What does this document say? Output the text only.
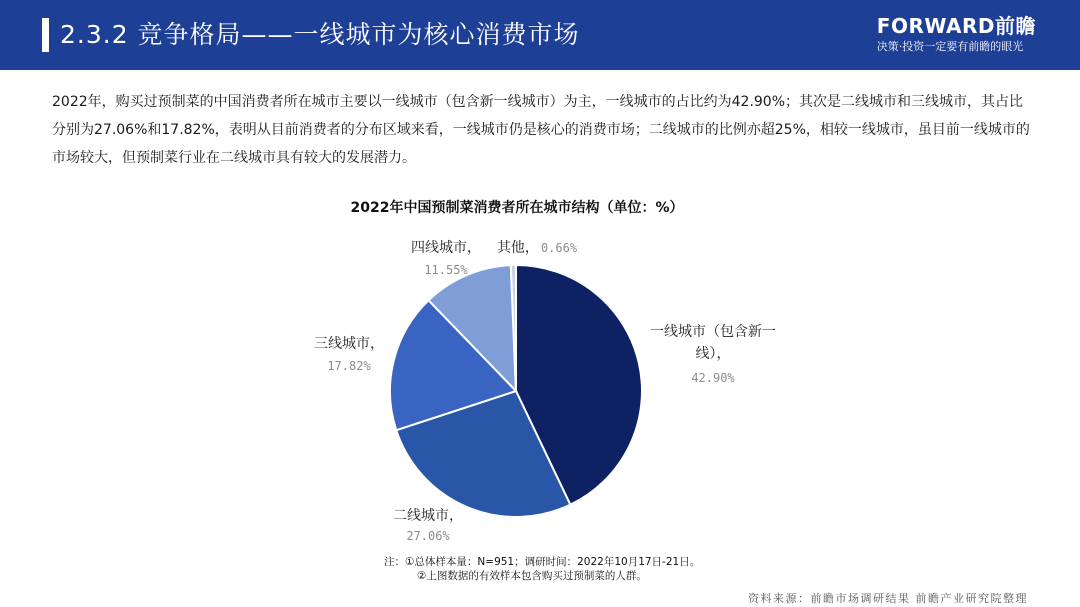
2.3.2 竞争格局——一线城市为核心消费市场	FORWARD前瞻
决策·投资一定要有前瞻的眼光
2022年，购买过预制菜的中国消费者所在城市主要以一线城市（包含新一线城市）为主，一线城市的占比约为42.90%；其次是二线城市和三线城市，其占比分别为27.06%和17.82%，表明从目前消费者的分布区域来看，一线城市仍是核心的消费市场；二线城市的比例亦超25%，相较一线城市，虽目前一线城市的市场较大，但预制菜行业在二线城市具有较大的发展潜力。
2022年中国预制菜消费者所在城市结构（单位：%）
一线城市（包含新一
线），
42.90%
二线城市，
27.06%
三线城市，
17.82%
四线城市，
11.55%
其他， 0.66%
注：①总体样本量：N=951；调研时间：2022年10月17日-21日。
②上图数据的有效样本包含购买过预制菜的人群。
资料来源：前瞻市场调研结果 前瞻产业研究院整理
